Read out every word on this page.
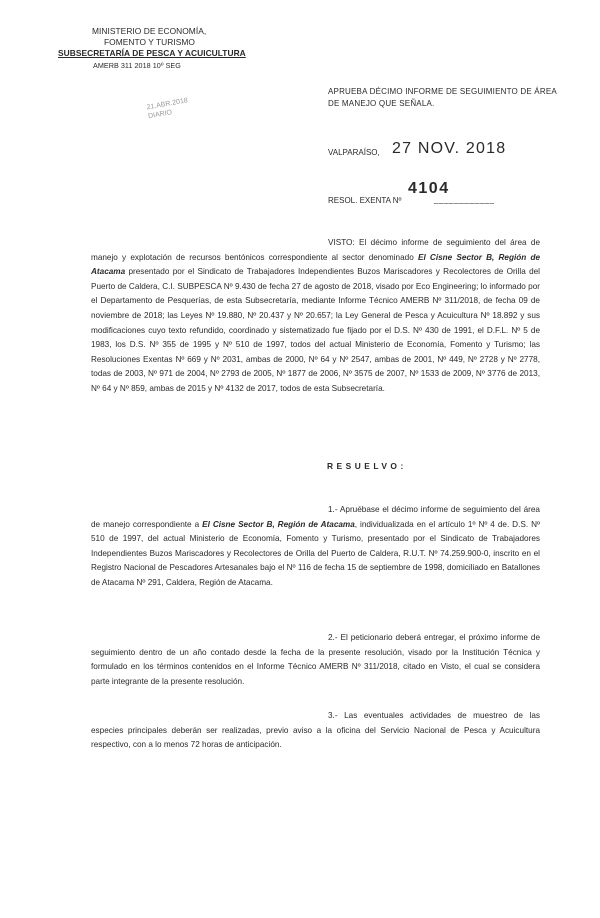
MINISTERIO DE ECONOMÍA,
FOMENTO Y TURISMO
SUBSECRETARÍA DE PESCA Y ACUICULTURA
AMERB 311 2018 10º SEG
21.ABR.2018
DIARIO
APRUEBA DÉCIMO INFORME DE SEGUIMIENTO DE ÁREA DE MANEJO QUE SEÑALA.
VALPARAÍSO, 27 NOV. 2018
RESOL. EXENTA Nº
4104
____________
VISTO: El décimo informe de seguimiento del área de manejo y explotación de recursos bentónicos correspondiente al sector denominado El Cisne Sector B, Región de Atacama presentado por el Sindicato de Trabajadores Independientes Buzos Mariscadores y Recolectores de Orilla del Puerto de Caldera, C.I. SUBPESCA Nº 9.430 de fecha 27 de agosto de 2018, visado por Eco Engineering; lo informado por el Departamento de Pesquerías, de esta Subsecretaría, mediante Informe Técnico AMERB Nº 311/2018, de fecha 09 de noviembre de 2018; las Leyes Nº 19.880, Nº 20.437 y Nº 20.657; la Ley General de Pesca y Acuicultura Nº 18.892 y sus modificaciones cuyo texto refundido, coordinado y sistematizado fue fijado por el D.S. Nº 430 de 1991, el D.F.L. Nº 5 de 1983, los D.S. Nº 355 de 1995 y Nº 510 de 1997, todos del actual Ministerio de Economía, Fomento y Turismo; las Resoluciones Exentas Nº 669 y Nº 2031, ambas de 2000, Nº 64 y Nº 2547, ambas de 2001, Nº 449, Nº 2728 y Nº 2778, todas de 2003, Nº 971 de 2004, Nº 2793 de 2005, Nº 1877 de 2006, Nº 3575 de 2007, Nº 1533 de 2009, Nº 3776 de 2013, Nº 64 y Nº 859, ambas de 2015 y Nº 4132 de 2017, todos de esta Subsecretaría.
RESUELVO:
1.- Apruébase el décimo informe de seguimiento del área de manejo correspondiente a El Cisne Sector B, Región de Atacama, individualizada en el artículo 1º Nº 4 de. D.S. Nº 510 de 1997, del actual Ministerio de Economía, Fomento y Turismo, presentado por el Sindicato de Trabajadores Independientes Buzos Mariscadores y Recolectores de Orilla del Puerto de Caldera, R.U.T. Nº 74.259.900-0, inscrito en el Registro Nacional de Pescadores Artesanales bajo el Nº 116 de fecha 15 de septiembre de 1998, domiciliado en Batallones de Atacama Nº 291, Caldera, Región de Atacama.
2.- El peticionario deberá entregar, el próximo informe de seguimiento dentro de un año contado desde la fecha de la presente resolución, visado por la Institución Técnica y formulado en los términos contenidos en el Informe Técnico AMERB Nº 311/2018, citado en Visto, el cual se considera parte integrante de la presente resolución.
3.- Las eventuales actividades de muestreo de las especies principales deberán ser realizadas, previo aviso a la oficina del Servicio Nacional de Pesca y Acuicultura respectivo, con a lo menos 72 horas de anticipación.
